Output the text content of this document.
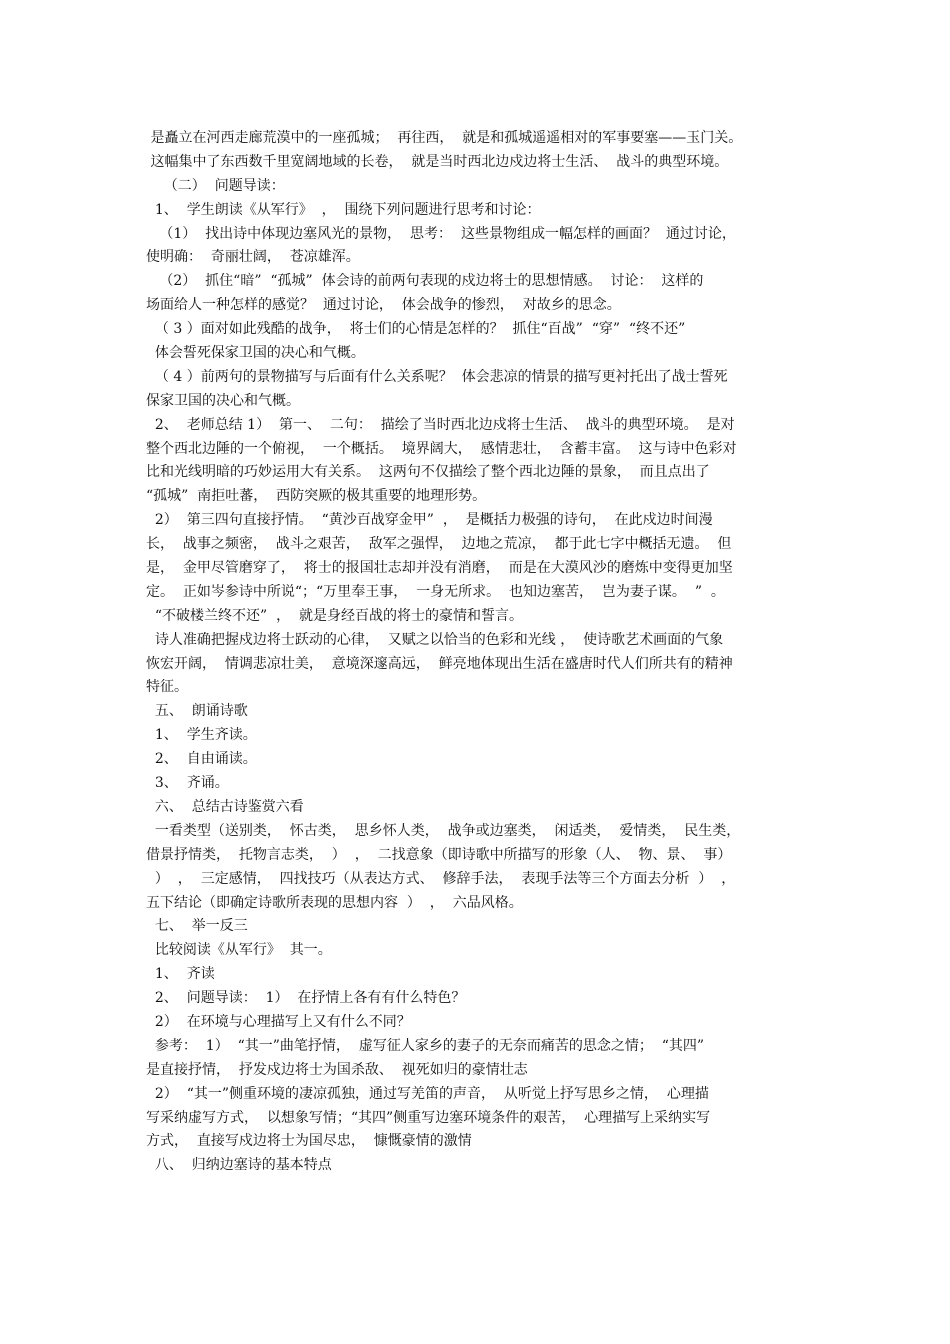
是矗立在河西走廊荒漠中的一座孤城；  再往西，  就是和孤城遥遥相对的军事要塞——玉门关。
这幅集中了东西数千里宽阔地域的长卷，  就是当时西北边戍边将士生活、  战斗的典型环境。
（二）  问题导读：
1、  学生朗读《从军行》  ，  围绕下列问题进行思考和讨论：
（1）  找出诗中体现边塞风光的景物，  思考：  这些景物组成一幅怎样的画面？  通过讨论，
使明确：  奇丽壮阔，  苍凉雄浑。
（2）  抓住“暗”  “孤城”  体会诗的前两句表现的戍边将士的思想情感。  讨论：  这样的
场面给人一种怎样的感觉？  通过讨论，  体会战争的惨烈，  对故乡的思念。
（ 3 ）面对如此残酷的战争，  将士们的心情是怎样的？  抓住“百战”  “穿”  “终不还”
体会誓死保家卫国的决心和气概。
（ 4 ）前两句的景物描写与后面有什么关系呢？  体会悲凉的情景的描写更衬托出了战士誓死
保家卫国的决心和气概。
2、  老师总结 1）  第一、  二句：  描绘了当时西北边戍将士生活、  战斗的典型环境。  是对
整个西北边陲的一个俯视，  一个概括。  境界阔大，  感情悲壮，  含蓄丰富。  这与诗中色彩对
比和光线明暗的巧妙运用大有关系。  这两句不仅描绘了整个西北边陲的景象，  而且点出了
“孤城”  南拒吐蕃，  西防突厥的极其重要的地理形势。
2）  第三四句直接抒情。  “黄沙百战穿金甲”  ，  是概括力极强的诗句，  在此戍边时间漫
长，  战事之频密，  战斗之艰苦，  敌军之强悍，  边地之荒凉，  都于此七字中概括无遗。  但
是，  金甲尽管磨穿了，  将士的报国壮志却并没有消磨，  而是在大漠风沙的磨炼中变得更加坚
定。  正如岑参诗中所说“；“万里奉王事，  一身无所求。  也知边塞苦，  岂为妻子谋。  ”  。
“不破楼兰终不还”  ，  就是身经百战的将士的豪情和誓言。
诗人准确把握戍边将士跃动的心律，  又赋之以恰当的色彩和光线 ，  使诗歌艺术画面的气象
恢宏开阔，  情调悲凉壮美，  意境深邃高远，  鲜亮地体现出生活在盛唐时代人们所共有的精神
特征。
五、  朗诵诗歌
1、  学生齐读。
2、  自由诵读。
3、  齐诵。
六、  总结古诗鉴赏六看
一看类型（送别类，  怀古类，  思乡怀人类，  战争或边塞类，  闲适类，  爱情类，  民生类，
借景抒情类，  托物言志类，  ）  ，  二找意象（即诗歌中所描写的形象（人、  物、景、  事）
）  ，  三定感情，  四找技巧（从表达方式、  修辞手法，  表现手法等三个方面去分析  ）  ，
五下结论（即确定诗歌所表现的思想内容  ）  ，  六品风格。
七、  举一反三
比较阅读《从军行》  其一。
1、  齐读
2、  问题导读：  1）  在抒情上各有有什么特色？
2）  在环境与心理描写上又有什么不同？
参考：  1）  “其一”曲笔抒情，  虚写征人家乡的妻子的无奈而痛苦的思念之情；  “其四”
是直接抒情，  抒发戍边将士为国杀敌、  视死如归的豪情壮志
2）  “其一”侧重环境的凄凉孤独，通过写羌笛的声音，  从听觉上抒写思乡之情，  心理描
写采纳虚写方式，  以想象写情；“其四”侧重写边塞环境条件的艰苦，  心理描写上采纳实写
方式，  直接写戍边将士为国尽忠，  慷慨豪情的激情
八、  归纳边塞诗的基本特点
